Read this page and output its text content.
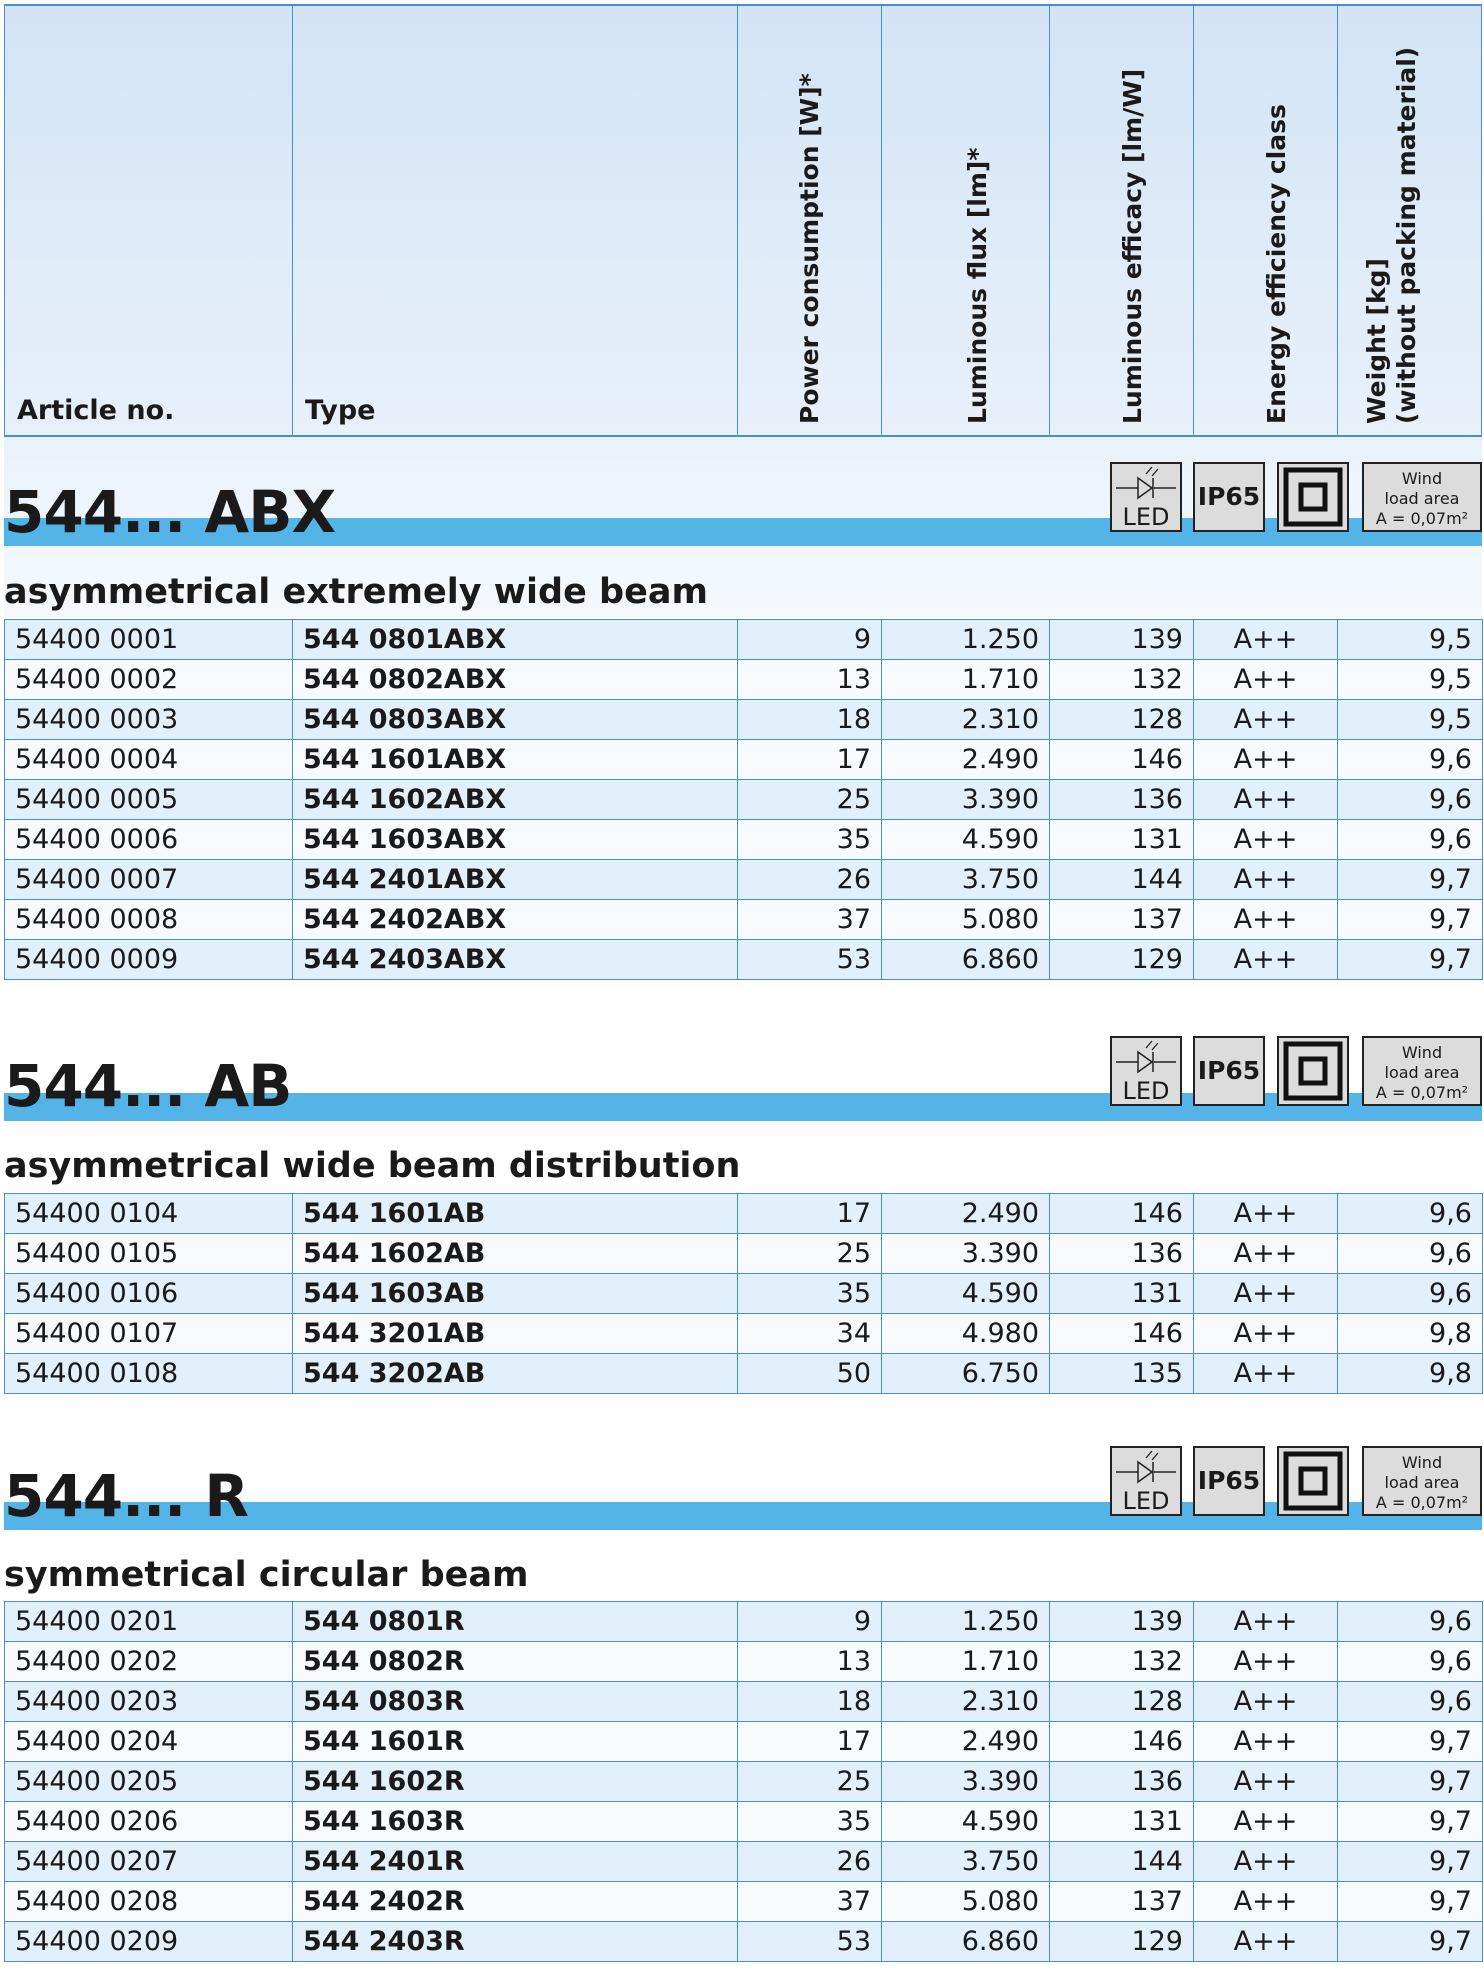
Article no.	Type	Power consumption [W]*	Luminous flux [lm]*	Luminous efficacy [lm/W]	Energy efficiency class	Weight [kg]
(without packing material)
544... ABX	LED
IP65
Wind
load area
A = 0,07m²
asymmetrical extremely wide beam
54400 0001	544 0801ABX	9	1.250	139	A++	9,5
54400 0002	544 0802ABX	13	1.710	132	A++	9,5
54400 0003	544 0803ABX	18	2.310	128	A++	9,5
54400 0004	544 1601ABX	17	2.490	146	A++	9,6
54400 0005	544 1602ABX	25	3.390	136	A++	9,6
54400 0006	544 1603ABX	35	4.590	131	A++	9,6
54400 0007	544 2401ABX	26	3.750	144	A++	9,7
54400 0008	544 2402ABX	37	5.080	137	A++	9,7
54400 0009	544 2403ABX	53	6.860	129	A++	9,7
544... AB	LED
IP65
Wind
load area
A = 0,07m²
asymmetrical wide beam distribution
54400 0104	544 1601AB	17	2.490	146	A++	9,6
54400 0105	544 1602AB	25	3.390	136	A++	9,6
54400 0106	544 1603AB	35	4.590	131	A++	9,6
54400 0107	544 3201AB	34	4.980	146	A++	9,8
54400 0108	544 3202AB	50	6.750	135	A++	9,8
544... R	LED
IP65
Wind
load area
A = 0,07m²
symmetrical circular beam
54400 0201	544 0801R	9	1.250	139	A++	9,6
54400 0202	544 0802R	13	1.710	132	A++	9,6
54400 0203	544 0803R	18	2.310	128	A++	9,6
54400 0204	544 1601R	17	2.490	146	A++	9,7
54400 0205	544 1602R	25	3.390	136	A++	9,7
54400 0206	544 1603R	35	4.590	131	A++	9,7
54400 0207	544 2401R	26	3.750	144	A++	9,7
54400 0208	544 2402R	37	5.080	137	A++	9,7
54400 0209	544 2403R	53	6.860	129	A++	9,7
